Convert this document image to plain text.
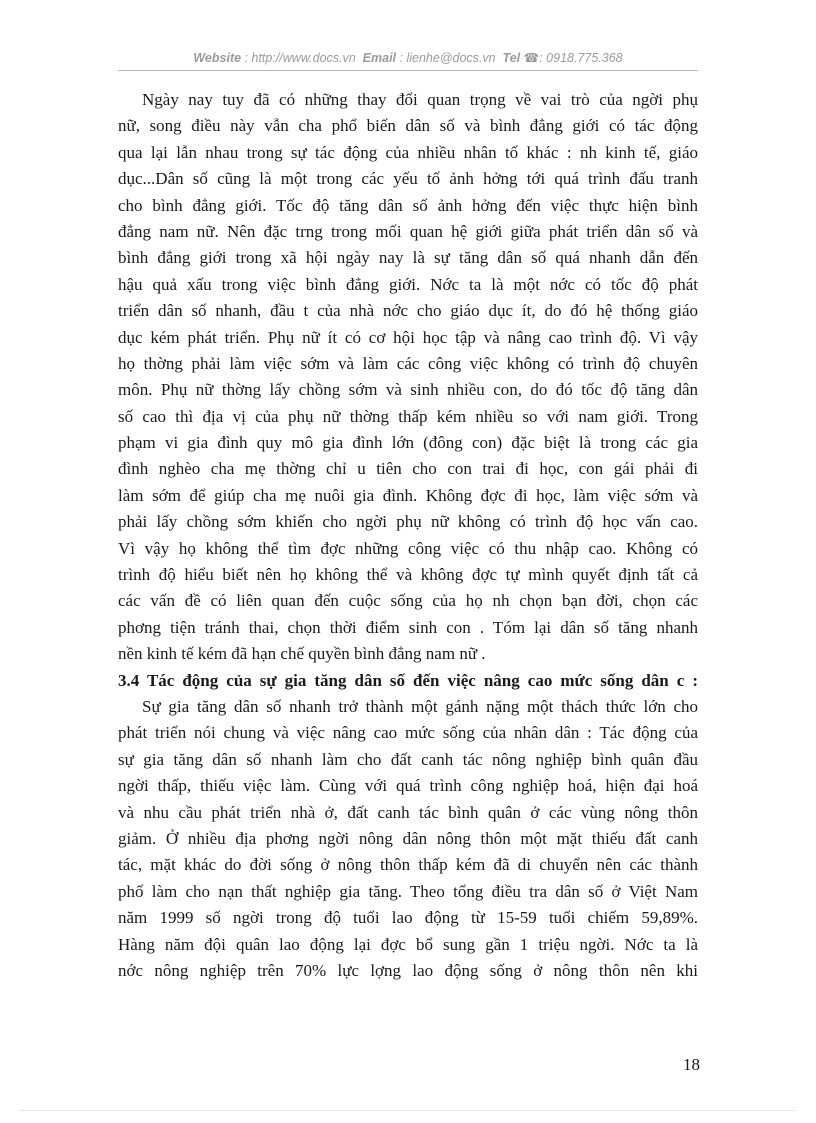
Website : http://www.docs.vn Email : lienhe@docs.vn Tel ☎: 0918.775.368
Ngày nay tuy đã có những thay đổi quan trọng về vai trò của ngời phụ
nữ, song điều này vẫn cha phổ biến dân số và bình đẳng giới có tác động
qua lại lẫn nhau trong sự tác động của nhiều nhân tố khác : nh kinh tế, giáo
dục...Dân số cũng là một trong các yếu tố ảnh hởng tới quá trình đấu tranh
cho bình đẳng giới. Tốc độ tăng dân số ảnh hởng đến việc thực hiện bình
đẳng nam nữ. Nên đặc trng trong mối quan hệ giới giữa phát triển dân số và
bình đẳng giới trong xã hội ngày nay là sự tăng dân số quá nhanh dẫn đến
hậu quả xấu trong việc bình đẳng giới. Nớc ta là một nớc có tốc độ phát
triển dân số nhanh, đầu t của nhà nớc cho giáo dục ít, do đó hệ thống giáo
dục kém phát triển. Phụ nữ ít có cơ hội học tập và nâng cao trình độ. Vì vậy
họ thờng phải làm việc sớm và làm các công việc không có trình độ chuyên
môn. Phụ nữ thờng lấy chồng sớm và sinh nhiều con, do đó tốc độ tăng dân
số cao thì địa vị của phụ nữ thờng thấp kém nhiều so với nam giới. Trong
phạm vi gia đình quy mô gia đình lớn (đông con) đặc biệt là trong các gia
đình nghèo cha mẹ thờng chỉ u tiên cho con trai đi học, con gái phải đi
làm sớm để giúp cha mẹ nuôi gia đình. Không đợc đi học, làm việc sớm và
phải lấy chồng sớm khiến cho ngời phụ nữ không có trình độ học vấn cao.
Vì vậy họ không thể tìm đợc những công việc có thu nhập cao. Không có
trình độ hiểu biết nên họ không thể và không đợc tự mình quyết định tất cả
các vấn đề có liên quan đến cuộc sống của họ nh chọn bạn đời, chọn các
phơng tiện tránh thai, chọn thời điểm sinh con . Tóm lại dân số tăng nhanh
nền kinh tế kém đã hạn chế quyền bình đẳng nam nữ .
3.4 Tác động của sự gia tăng dân số đến việc nâng cao mức sống dân c :
Sự gia tăng dân số nhanh trở thành một gánh nặng một thách thức lớn cho
phát triển nói chung và việc nâng cao mức sống của nhân dân : Tác động của
sự gia tăng dân số nhanh làm cho đất canh tác nông nghiệp bình quân đầu
ngời thấp, thiếu việc làm. Cùng với quá trình công nghiệp hoá, hiện đại hoá
và nhu cầu phát triển nhà ở, đất canh tác bình quân ở các vùng nông thôn
giảm. Ở nhiều địa phơng ngời nông dân nông thôn một mặt thiếu đất canh
tác, mặt khác do đời sống ở nông thôn thấp kém đã di chuyển nên các thành
phố làm cho nạn thất nghiệp gia tăng. Theo tổng điều tra dân số ở Việt Nam
năm 1999 số ngời trong độ tuổi lao động từ 15-59 tuổi chiếm 59,89%.
Hàng năm đội quân lao động lại đợc bổ sung gần 1 triệu ngời. Nớc ta là
nớc nông nghiệp trên 70% lực lợng lao động sống ở nông thôn nên khi
18
